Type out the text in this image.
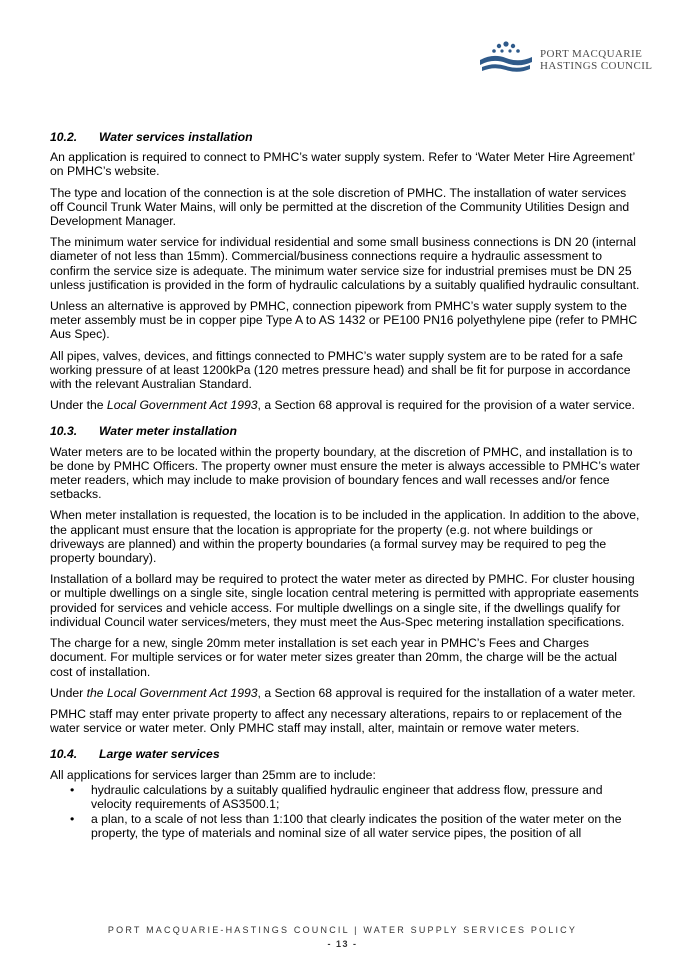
PORT MACQUARIE
HASTINGS COUNCIL
10.2. Water services installation

An application is required to connect to PMHC’s water supply system. Refer to ‘Water Meter Hire Agreement’ on PMHC’s website.

The type and location of the connection is at the sole discretion of PMHC. The installation of water services off Council Trunk Water Mains, will only be permitted at the discretion of the Community Utilities Design and Development Manager.

The minimum water service for individual residential and some small business connections is DN 20 (internal diameter of not less than 15mm). Commercial/business connections require a hydraulic assessment to confirm the service size is adequate. The minimum water service size for industrial premises must be DN 25 unless justification is provided in the form of hydraulic calculations by a suitably qualified hydraulic consultant.

Unless an alternative is approved by PMHC, connection pipework from PMHC’s water supply system to the meter assembly must be in copper pipe Type A to AS 1432 or PE100 PN16 polyethylene pipe (refer to PMHC Aus Spec).

All pipes, valves, devices, and fittings connected to PMHC’s water supply system are to be rated for a safe working pressure of at least 1200kPa (120 metres pressure head) and shall be fit for purpose in accordance with the relevant Australian Standard.

Under the Local Government Act 1993, a Section 68 approval is required for the provision of a water service.

10.3. Water meter installation

Water meters are to be located within the property boundary, at the discretion of PMHC, and installation is to be done by PMHC Officers. The property owner must ensure the meter is always accessible to PMHC’s water meter readers, which may include to make provision of boundary fences and wall recesses and/or fence setbacks.

When meter installation is requested, the location is to be included in the application. In addition to the above, the applicant must ensure that the location is appropriate for the property (e.g. not where buildings or driveways are planned) and within the property boundaries (a formal survey may be required to peg the property boundary).

Installation of a bollard may be required to protect the water meter as directed by PMHC. For cluster housing or multiple dwellings on a single site, single location central metering is permitted with appropriate easements provided for services and vehicle access. For multiple dwellings on a single site, if the dwellings qualify for individual Council water services/meters, they must meet the Aus-Spec metering installation specifications.

The charge for a new, single 20mm meter installation is set each year in PMHC’s Fees and Charges document. For multiple services or for water meter sizes greater than 20mm, the charge will be the actual cost of installation.

Under the Local Government Act 1993, a Section 68 approval is required for the installation of a water meter.

PMHC staff may enter private property to affect any necessary alterations, repairs to or replacement of the water service or water meter. Only PMHC staff may install, alter, maintain or remove water meters.

10.4. Large water services

All applications for services larger than 25mm are to include:

• hydraulic calculations by a suitably qualified hydraulic engineer that address flow, pressure and velocity requirements of AS3500.1;
• a plan, to a scale of not less than 1:100 that clearly indicates the position of the water meter on the property, the type of materials and nominal size of all water service pipes, the position of all
PORT MACQUARIE-HASTINGS COUNCIL | WATER SUPPLY SERVICES POLICY
- 13 -
